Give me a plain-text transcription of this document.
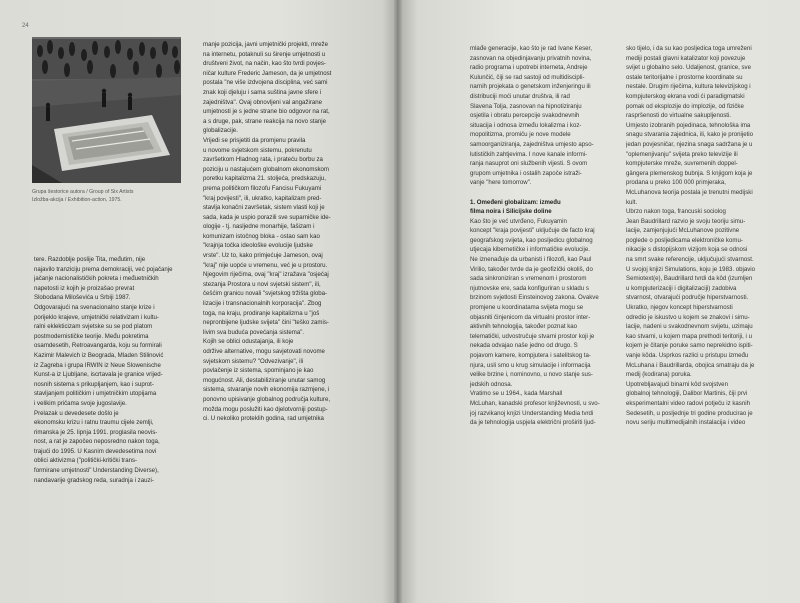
24
Grupa šestorice autora / Group of Six Artists
Izložba-akcija / Exhibition-action, 1975.
tere. Razdoblje poslije Tita, međutim, nije
najavilo tranziciju prema demokraciji, već pojačanje
jačanje nacionalističkih pokreta i međuetničkih
napetosti iz kojih je proizašao prevrat
Slobodana Miloševića u Srbiji 1987.
Odgovarajući na svenacionalno stanje krize i
porijeklo krajeve, umjetnički relativizam i kultu-
ralni eklekticizam svjetske su se pod platom
postmodernističke teorije. Među pokretima
osamdesetih, Retroavangarda, koju su formirali
Kazimir Malevich iz Beograda, Mladen Stilinović
iz Zagreba i grupa IRWIN iz Neue Slowenische
Kunst-a iz Ljubljane, iscrtavala je granice vrijed-
nosnih sistema s prikupljanjem, kao i suprot-
stavljanjem političkim i umjetničkim utopijama
i velikim pričama svoje jugoslavije.
Prelazak u devedesete došlo je
ekonomsku krizu i ratnu traumu cijele zemlji,
rimanska je 25. lipnja 1991. proglasila neovis-
nost, a rat je započeo neposredno nakon toga,
trajući do 1995. U Kasnim devedesetima novi
oblici aktivizma ("politički-kritički trans-
formirane umjetnosti" Understanding Diverse),
nandavarije gradskog reda, suradnja i zauzi-
manje pozicija, javni umjetnički projekti, mreže
na internetu, potaknuli su širenje umjetnosti u
društveni život, na način, kao što tvrdi povjes-
ničar kulture Frederic Jameson, da je umjetnost
postala "ne više izdvojena disciplina, već sami
znak koji djeluju i sama suština javne sfere i
zajedništva". Ovaj obnovljeni val angažirane
umjetnosti je s jedne strane bio odgovor na rat,
a s druge, pak, strane reakcija na novo stanje
globalizacije.
Vrijedi se prisjetiti da promjenu pravila
u novome svjetskom sistemu, pokrenutu
završetkom Hladnog rata, i prateću borbu za
poziciju u nastajućem globalnom ekonomskom
poretku kapitalizma 21. stoljeća, predskazuju,
prema političkom filozofu Fancisu Fukuyami
"kraj povijesti", ili, ukratko, kapitalizam pred-
stavlja konačni završetak, sistem vlasti koji je
sada, kada je uspio porazili sve suparničke ide-
ologije - tj. nasljedne monarhije, fašizam i
komunizam istočnog bloka - ostao sam kao
"krajnja točka ideološke evolucije ljudske
vrste". Uz to, kako primjećuje Jameson, ovaj
"kraj" nije uopće u vremenu, već je u prostoru.
Njegovim riječima, ovaj "kraj" izražava "osjećaj
stezanja Prostora u novi svjetski sistem", ili,
češćim granicu novali "svjetskog tržišta globa-
lizacije i transnacionalnih korporacija". Zbog
toga, na kraju, prodiranje kapitalizma u "još
nepronbijene ljudske svijeta" čini "teško zamis-
livim sva buduća povećanja sistema".
Kojih se oblici odustajanja, ili koje
održive alternative, mogu savjetovati novome
svjetskom sistemu? "Odvezivanje", ili
povlačenje iz sistema, spominjano je kao
mogućnost. Ali, destabiliziranje unutar samog
sistema, stvaranje novih ekonomija razmjene, i
ponovno upisivanje globalnog područja kulture,
možda mogu poslužiti kao djelotvorniji postup-
ci. U nekoliko proteklih godina, rad umjetnika
mlađe generacije, kao što je rad Ivane Keser,
zasnovan na objedinjavanju privatnih novina,
radio programa i upotrebi interneta, Andreje
Kulunčić, čiji se rad sastoji od multidiscipli-
narnih projekata o genetskom inženjeringu ili
distribuciji moći unutar društva, ili rad
Slavena Tolja, zasnovan na hipnotiziranju
osjetila i obratu percepcije svakodnevnih
situacija i odnosa između lokalizma i koz-
mopolitizma, promiču je nove modele
samoorganiziranja, zajedništva umjesto apso-
lutističkih zahtjevima. I nove kanale informi-
ranja nasuprot oni službenih vijesti. S ovom
grupom umjetnika i ostalih započe istraži-
vanje "here tomorrow".
1. Omeđeni globalizam: između
filma noira i Silicijske doline
Kao što je već utvrđeno, Fukuyamin
koncept "kraja povijesti" uključuje de facto kraj
geografskog svijeta, kao posljedicu globalnog
utjecaja kibernetičke i informatičke evolucije.
Ne iznenađuje da urbanisti i filozofi, kao Paul
Virilio, također tvrde da je geofizički okoliš, do
sada sinkroniziran s vremenom i prostorom
njutnovske ere, sada konfiguriran u skladu s
brzinom svjetlosti Einsteinovog zakona. Ovakve
promjene u koordinatama svijeta mogu se
objasniti činjenicom da virtualni prostor inter-
aktivnih tehnologija, također poznat kao
telematički, udvostručuje stvarni prostor koji je
nekada odvajao naše jedno od drugo. S
pojavom kamere, kompjutera i satelitskog ta-
njura, usli smo u krug simulacije i informacija
velike brzine i, nominovno, u novo stanje sus-
jedskih odnosa.
Vratimo se u 1964., kada Marshall
McLuhan, kanadski profesor književnosti, u svo-
joj razvikanoj knjizi Understanding Media tvrdi
da je tehnologija uspjela električni proširiti ljud-
sko tijelo, i da su kao posljedica toga umreženi
mediji postali glavni katalizator koji povezuje
svijet u globalno selo. Udaljenost, granice, sve
ostale teritorijalne i prostorne koordinate su
nestale. Drugim riječima, kultura televizijskog i
kompjuterskog ekrana vodi ći paradigmatski
pomak od eksplozije do implozije, od fizičke
raspršenosti do virtualne sakupljenosti.
Umjesto izobranih pojedinaca, tehnološka ima
snagu stvarania zajednica, ili, kako je pronijetio
jedan povjesničar, njezina snaga sadržana je u
"oplemenjivanju" svijeta preko televizije ili
kompjuterske mreže, suvremenih doppel-
gängera plemenskog bubnja. S knjigom koja je
prodana u preko 100 000 primjeraka,
McLuhanova teorija postala je trenutni medijski
kult.
Ubrzo nakon toga, francuski sociolog
Jean Baudrillard razvio je svoju teoriju simu-
lacije, zamjenjujući McLuhanove pozitivne
poglede o posljedicama elektroničke komu-
nikacije s distopijskom vizijom koja se odnosi
na smrt svake referencije, uključujući stvarnost.
U svojoj knjizi Simulations, koju je 1983. objavio
Semiotext(e), Baudrillard tvrdi da kôd (izumljen
u kompjuterizaciji i digitalizaciji) zadobiva
stvarnost, otvarajući područje hiperstvarnosti.
Ukratko, njegov koncept hiperstvarnosti
odredio je iskustvo u kojem se znakovi i simu-
lacije, nadeni u svakodnevnom svijetu, uzimaju
kao stvarni, u kojem mapa prethodi teritoriji, i u
kojem je čitanje poruke samo neprekidno ispiti-
vanje kôda. Usprkos razlici u pristupu između
McLuhana i Baudrillarda, obojica smatraju da je
medij (kodirana) poruka.
Upotrebljavajući binarni kôd svojstven
globalnoj tehnologiji, Dalibor Martinis, čiji prvi
eksperimentalni video radovi potječu iz kasnih
Sedesetih, u posljednje tri godine producirao je
novu seriju multimedijalnih instalacija i video
